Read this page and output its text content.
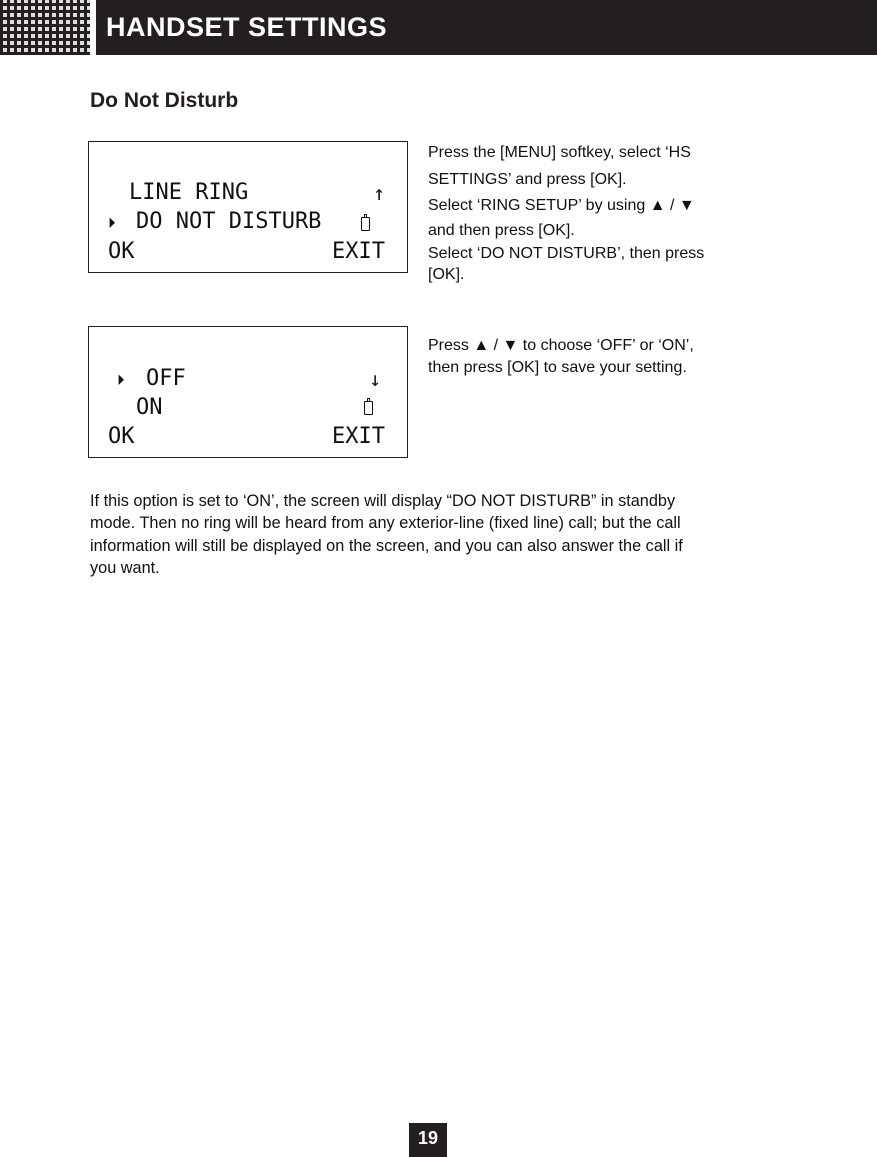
HANDSET SETTINGS
Do Not Disturb
LINE RING	↑
⏵ DO NOT DISTURB
OK	EXIT
⏵ OFF	↓
ON
OK	EXIT

Press the [MENU] softkey, select ‘HS

SETTINGS’ and press [OK].

Select ‘RING SETUP’ by using ▲ / ▼

and then press [OK].

Select ‘DO NOT DISTURB’, then press

[OK].

Press ▲ / ▼ to choose ‘OFF’ or ‘ON’,

then press [OK] to save your setting.

If this option is set to ‘ON’, the screen will display “DO NOT DISTURB” in standby
mode. Then no ring will be heard from any exterior-line (fixed line) call; but the call
information will still be displayed on the screen, and you can also answer the call if
you want.
19
